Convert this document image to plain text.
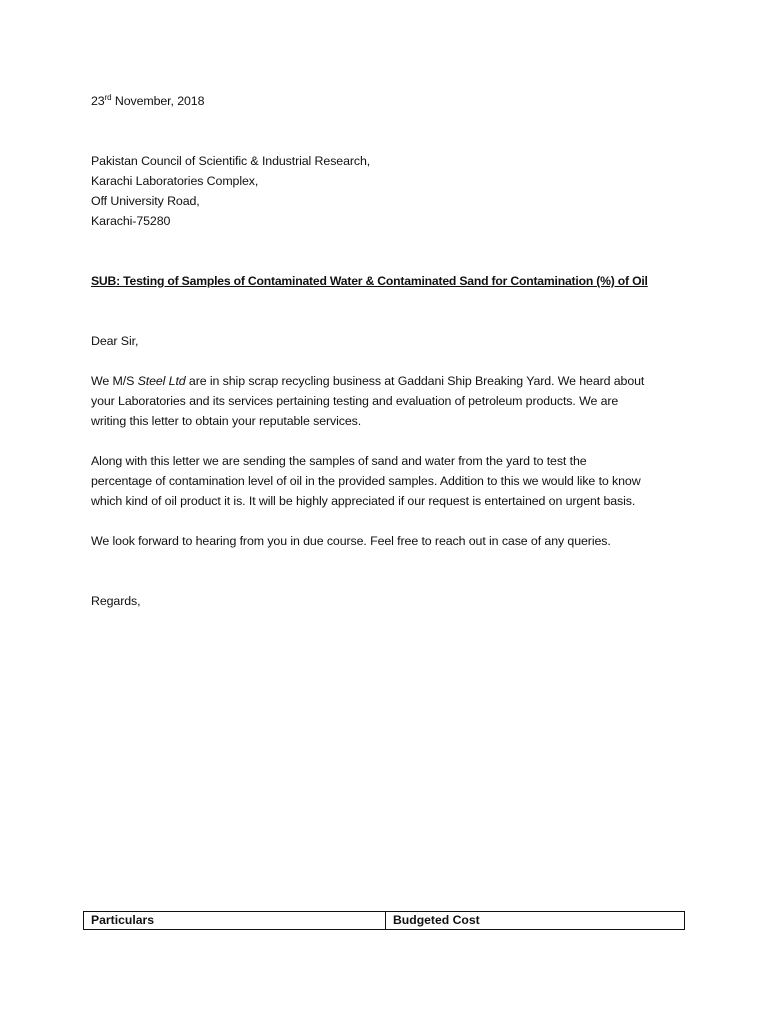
23rd November, 2018
Pakistan Council of Scientific & Industrial Research,
Karachi Laboratories Complex,
Off University Road,
Karachi-75280
SUB: Testing of Samples of Contaminated Water & Contaminated Sand for Contamination (%) of Oil
Dear Sir,
We M/S Steel Ltd are in ship scrap recycling business at Gaddani Ship Breaking Yard. We heard about
your Laboratories and its services pertaining testing and evaluation of petroleum products. We are
writing this letter to obtain your reputable services.
Along with this letter we are sending the samples of sand and water from the yard to test the
percentage of contamination level of oil in the provided samples. Addition to this we would like to know
which kind of oil product it is. It will be highly appreciated if our request is entertained on urgent basis.
We look forward to hearing from you in due course. Feel free to reach out in case of any queries.
Regards,
Particulars	Budgeted Cost
